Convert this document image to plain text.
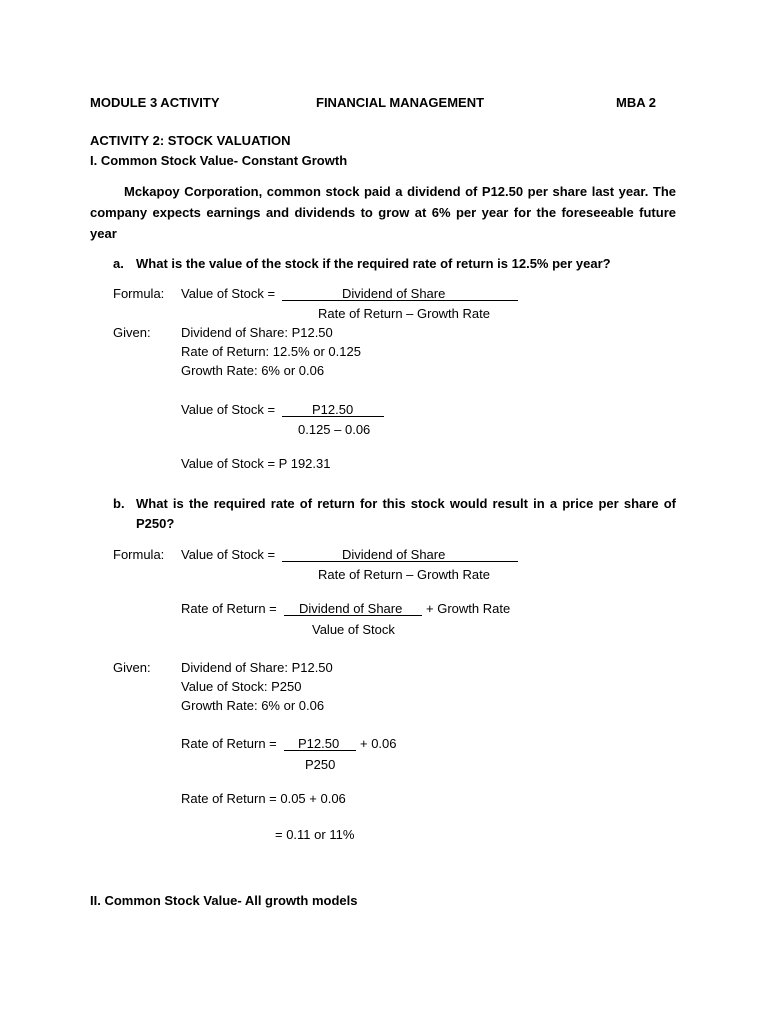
MODULE 3 ACTIVITY	FINANCIAL MANAGEMENT	MBA 2
ACTIVITY 2: STOCK VALUATION
I. Common Stock Value- Constant Growth
Mckapoy Corporation, common stock paid a dividend of P12.50 per share last year. The company expects earnings and dividends to grow at 6% per year for the foreseeable future year
a. What is the value of the stock if the required rate of return is 12.5% per year?
Formula: Value of Stock =	Dividend of Share
Rate of Return – Growth Rate
Given: Dividend of Share: P12.50
Rate of Return: 12.5% or 0.125
Growth Rate: 6% or 0.06
Value of Stock =	P12.50
0.125 – 0.06
Value of Stock = P 192.31
b. What is the required rate of return for this stock would result in a price per share of
P250?
Formula: Value of Stock =	Dividend of Share
Rate of Return – Growth Rate
Rate of Return = Dividend of Share + Growth Rate
Value of Stock
Given: Dividend of Share: P12.50
Value of Stock: P250
Growth Rate: 6% or 0.06
Rate of Return = P12.50 + 0.06
P250
Rate of Return = 0.05 + 0.06
= 0.11 or 11%
II. Common Stock Value- All growth models
